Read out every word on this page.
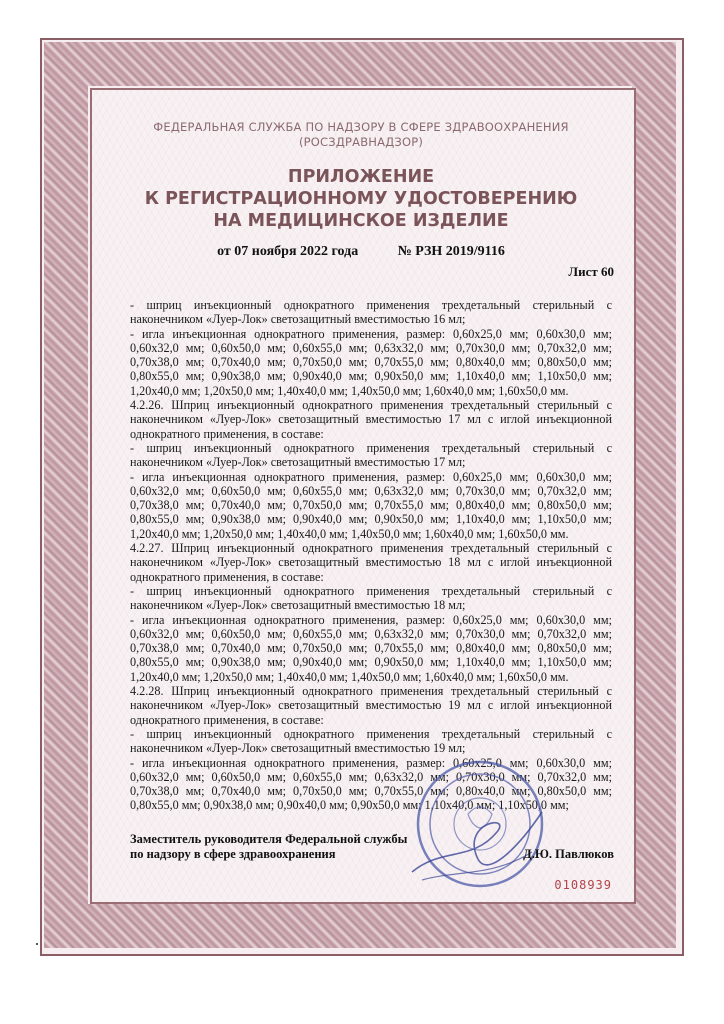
ФЕДЕРАЛЬНАЯ СЛУЖБА ПО НАДЗОРУ В СФЕРЕ ЗДРАВООХРАНЕНИЯ
(РОСЗДРАВНАДЗОР)
ПРИЛОЖЕНИЕ
К РЕГИСТРАЦИОННОМУ УДОСТОВЕРЕНИЮ
НА МЕДИЦИНСКОЕ ИЗДЕЛИЕ
от 07 ноября 2022 года	№ РЗН 2019/9116
Лист 60

- шприц инъекционный однократного применения трехдетальный стерильный с наконечником «Луер-Лок» светозащитный вместимостью 16 мл;

- игла инъекционная однократного применения, размер: 0,60х25,0 мм; 0,60х30,0 мм; 0,60х32,0 мм; 0,60х50,0 мм; 0,60х55,0 мм; 0,63х32,0 мм; 0,70х30,0 мм; 0,70х32,0 мм; 0,70х38,0 мм; 0,70х40,0 мм; 0,70х50,0 мм; 0,70х55,0 мм; 0,80х40,0 мм; 0,80х50,0 мм; 0,80х55,0 мм; 0,90х38,0 мм; 0,90х40,0 мм; 0,90х50,0 мм; 1,10х40,0 мм; 1,10х50,0 мм; 1,20х40,0 мм; 1,20х50,0 мм; 1,40х40,0 мм; 1,40х50,0 мм; 1,60х40,0 мм; 1,60х50,0 мм.

4.2.26. Шприц инъекционный однократного применения трехдетальный стерильный с наконечником «Луер-Лок» светозащитный вместимостью 17 мл с иглой инъекционной однократного применения, в составе:

- шприц инъекционный однократного применения трехдетальный стерильный с наконечником «Луер-Лок» светозащитный вместимостью 17 мл;

- игла инъекционная однократного применения, размер: 0,60х25,0 мм; 0,60х30,0 мм; 0,60х32,0 мм; 0,60х50,0 мм; 0,60х55,0 мм; 0,63х32,0 мм; 0,70х30,0 мм; 0,70х32,0 мм; 0,70х38,0 мм; 0,70х40,0 мм; 0,70х50,0 мм; 0,70х55,0 мм; 0,80х40,0 мм; 0,80х50,0 мм; 0,80х55,0 мм; 0,90х38,0 мм; 0,90х40,0 мм; 0,90х50,0 мм; 1,10х40,0 мм; 1,10х50,0 мм; 1,20х40,0 мм; 1,20х50,0 мм; 1,40х40,0 мм; 1,40х50,0 мм; 1,60х40,0 мм; 1,60х50,0 мм.

4.2.27. Шприц инъекционный однократного применения трехдетальный стерильный с наконечником «Луер-Лок» светозащитный вместимостью 18 мл с иглой инъекционной однократного применения, в составе:

- шприц инъекционный однократного применения трехдетальный стерильный с наконечником «Луер-Лок» светозащитный вместимостью 18 мл;

- игла инъекционная однократного применения, размер: 0,60х25,0 мм; 0,60х30,0 мм; 0,60х32,0 мм; 0,60х50,0 мм; 0,60х55,0 мм; 0,63х32,0 мм; 0,70х30,0 мм; 0,70х32,0 мм; 0,70х38,0 мм; 0,70х40,0 мм; 0,70х50,0 мм; 0,70х55,0 мм; 0,80х40,0 мм; 0,80х50,0 мм; 0,80х55,0 мм; 0,90х38,0 мм; 0,90х40,0 мм; 0,90х50,0 мм; 1,10х40,0 мм; 1,10х50,0 мм; 1,20х40,0 мм; 1,20х50,0 мм; 1,40х40,0 мм; 1,40х50,0 мм; 1,60х40,0 мм; 1,60х50,0 мм.

4.2.28. Шприц инъекционный однократного применения трехдетальный стерильный с наконечником «Луер-Лок» светозащитный вместимостью 19 мл с иглой инъекционной однократного применения, в составе:

- шприц инъекционный однократного применения трехдетальный стерильный с наконечником «Луер-Лок» светозащитный вместимостью 19 мл;

- игла инъекционная однократного применения, размер: 0,60х25,0 мм; 0,60х30,0 мм; 0,60х32,0 мм; 0,60х50,0 мм; 0,60х55,0 мм; 0,63х32,0 мм; 0,70х30,0 мм; 0,70х32,0 мм; 0,70х38,0 мм; 0,70х40,0 мм; 0,70х50,0 мм; 0,70х55,0 мм; 0,80х40,0 мм; 0,80х50,0 мм; 0,80х55,0 мм; 0,90х38,0 мм; 0,90х40,0 мм; 0,90х50,0 мм; 1,10х40,0 мм; 1,10х50,0 мм;

Заместитель руководителя Федеральной службы
по надзору в сфере здравоохранения	Д.Ю. Павлюков
0108939
